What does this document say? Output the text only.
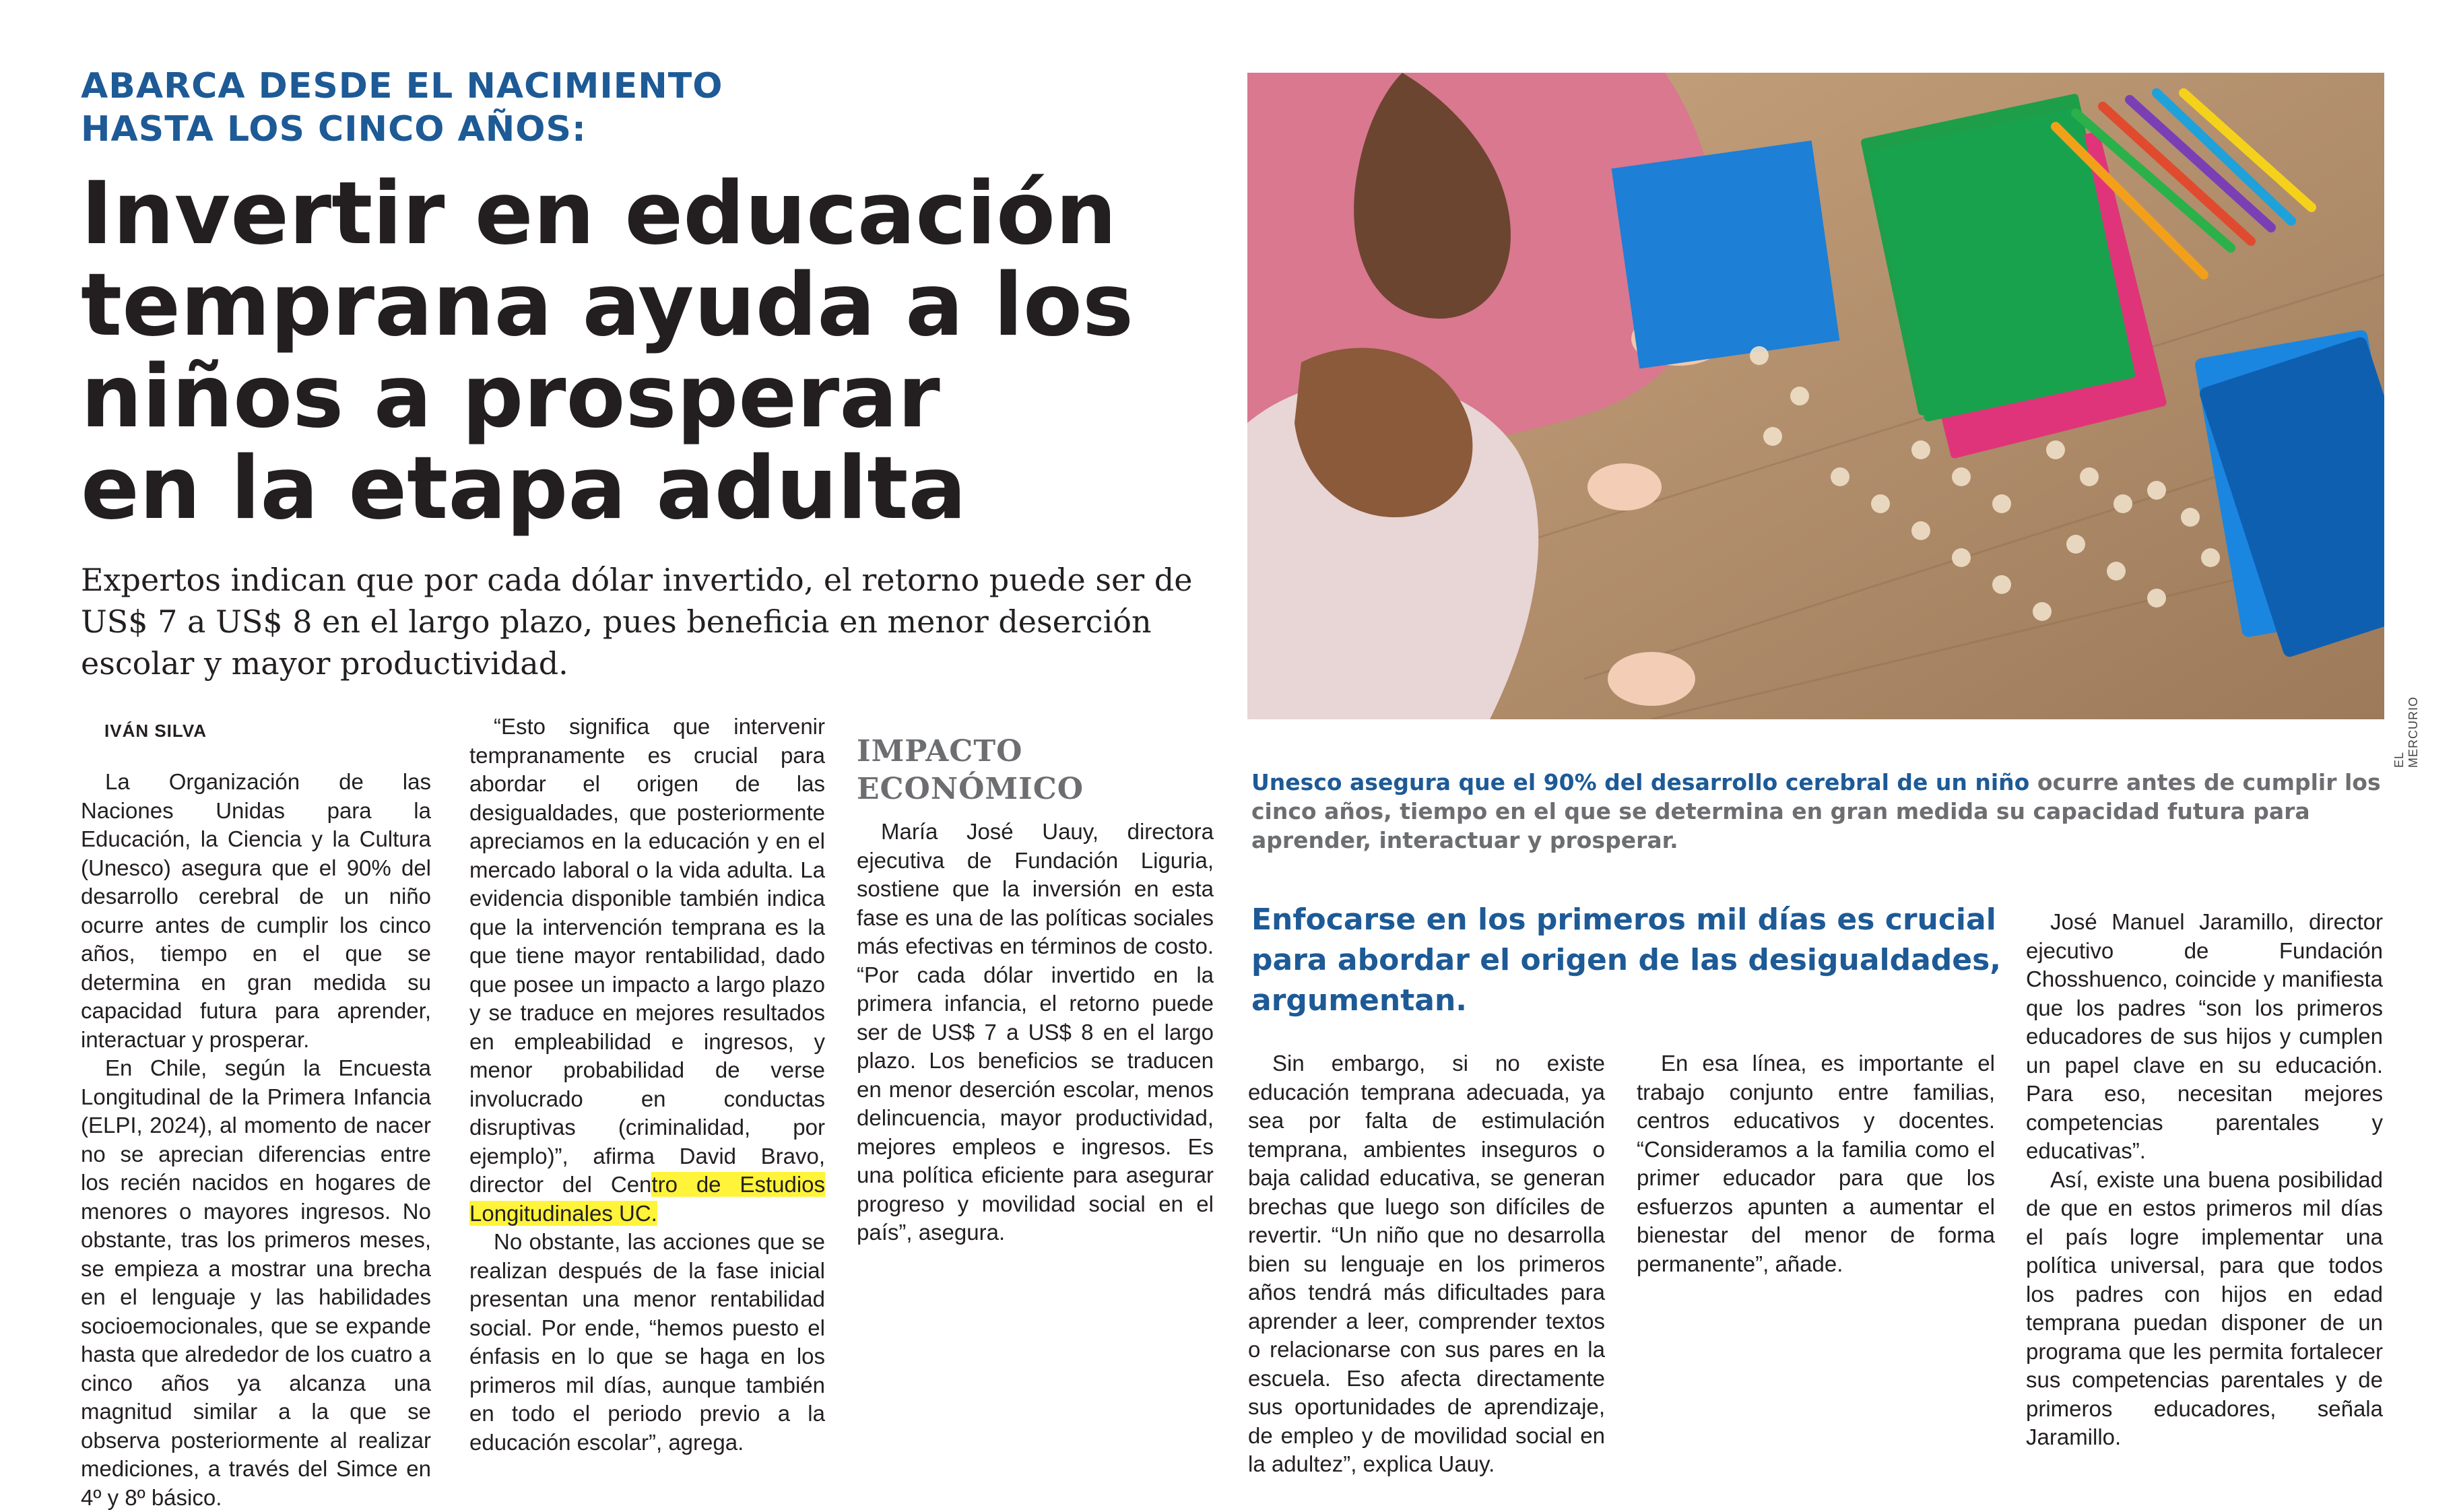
ABARCA DESDE EL NACIMIENTO
HASTA LOS CINCO AÑOS:
Invertir en educación
temprana ayuda a los
niños a prosperar
en la etapa adulta
Expertos indican que por cada dólar invertido, el retorno puede ser de US$ 7 a US$ 8 en el largo plazo, pues beneficia en menor deserción escolar y mayor productividad.
IVÁN SILVA

La Organización de las Naciones Unidas para la Educación, la Ciencia y la Cultura (Unesco) asegura que el 90% del desarrollo cerebral de un niño ocurre antes de cumplir los cinco años, tiempo en el que se determina en gran medida su capacidad futura para aprender, interactuar y prosperar.

En Chile, según la Encuesta Longitudinal de la Primera Infancia (ELPI, 2024), al momento de nacer no se aprecian diferencias entre los recién nacidos en hogares de menores o mayores ingresos. No obstante, tras los primeros meses, se empieza a mostrar una brecha en el lenguaje y las habilidades socioemocionales, que se expande hasta que alrededor de los cuatro a cinco años ya alcanza una magnitud similar a la que se observa posteriormente al realizar mediciones, a través del Simce en 4º y 8º básico.

“Esto significa que intervenir tempranamente es crucial para abordar el origen de las desigualdades, que posteriormente apreciamos en la educación y en el mercado laboral o la vida adulta. La evidencia disponible también indica que la intervención temprana es la que tiene mayor rentabilidad, dado que posee un impacto a largo plazo y se traduce en mejores resultados en empleabilidad e ingresos, y menor probabilidad de verse involucrado en conductas disruptivas (criminalidad, por ejemplo)”, afirma David Bravo, director del Centro de Estudios Longitudinales UC.

No obstante, las acciones que se realizan después de la fase inicial presentan una menor rentabilidad social. Por ende, “hemos puesto el énfasis en lo que se haga en los primeros mil días, aunque también en todo el periodo previo a la educación escolar”, agrega.

IMPACTO
ECONÓMICO

María José Uauy, directora ejecutiva de Fundación Liguria, sostiene que la inversión en esta fase es una de las políticas sociales más efectivas en términos de costo. “Por cada dólar invertido en la primera infancia, el retorno puede ser de US$ 7 a US$ 8 en el largo plazo. Los beneficios se traducen en menor deserción escolar, menos delincuencia, mayor productividad, mejores empleos e ingresos. Es una política eficiente para asegurar progreso y movilidad social en el país”, asegura.

EL MERCURIO
Unesco asegura que el 90% del desarrollo cerebral de un niño ocurre antes de cumplir los cinco años, tiempo en el que se determina en gran medida su capacidad futura para aprender, interactuar y prosperar.
Enfocarse en los primeros mil días es crucial para abordar el origen de las desigualdades, argumentan.

Sin embargo, si no existe educación temprana adecuada, ya sea por falta de estimulación temprana, ambientes inseguros o baja calidad educativa, se generan brechas que luego son difíciles de revertir. “Un niño que no desarrolla bien su lenguaje en los primeros años tendrá más dificultades para aprender a leer, comprender textos o relacionarse con sus pares en la escuela. Eso afecta directamente sus oportunidades de aprendizaje, de empleo y de movilidad social en la adultez”, explica Uauy.

En esa línea, es importante el trabajo conjunto entre familias, centros educativos y docentes. “Consideramos a la familia como el primer educador para que los esfuerzos apunten a aumentar el bienestar del menor de forma permanente”, añade.

José Manuel Jaramillo, director ejecutivo de Fundación Chosshuenco, coincide y manifiesta que los padres “son los primeros educadores de sus hijos y cumplen un papel clave en su educación. Para eso, necesitan mejores competencias parentales y educativas”.

Así, existe una buena posibilidad de que en estos primeros mil días el país logre implementar una política universal, para que todos los padres con hijos en edad temprana puedan disponer de un programa que les permita fortalecer sus competencias parentales y de primeros educadores, señala Jaramillo.
